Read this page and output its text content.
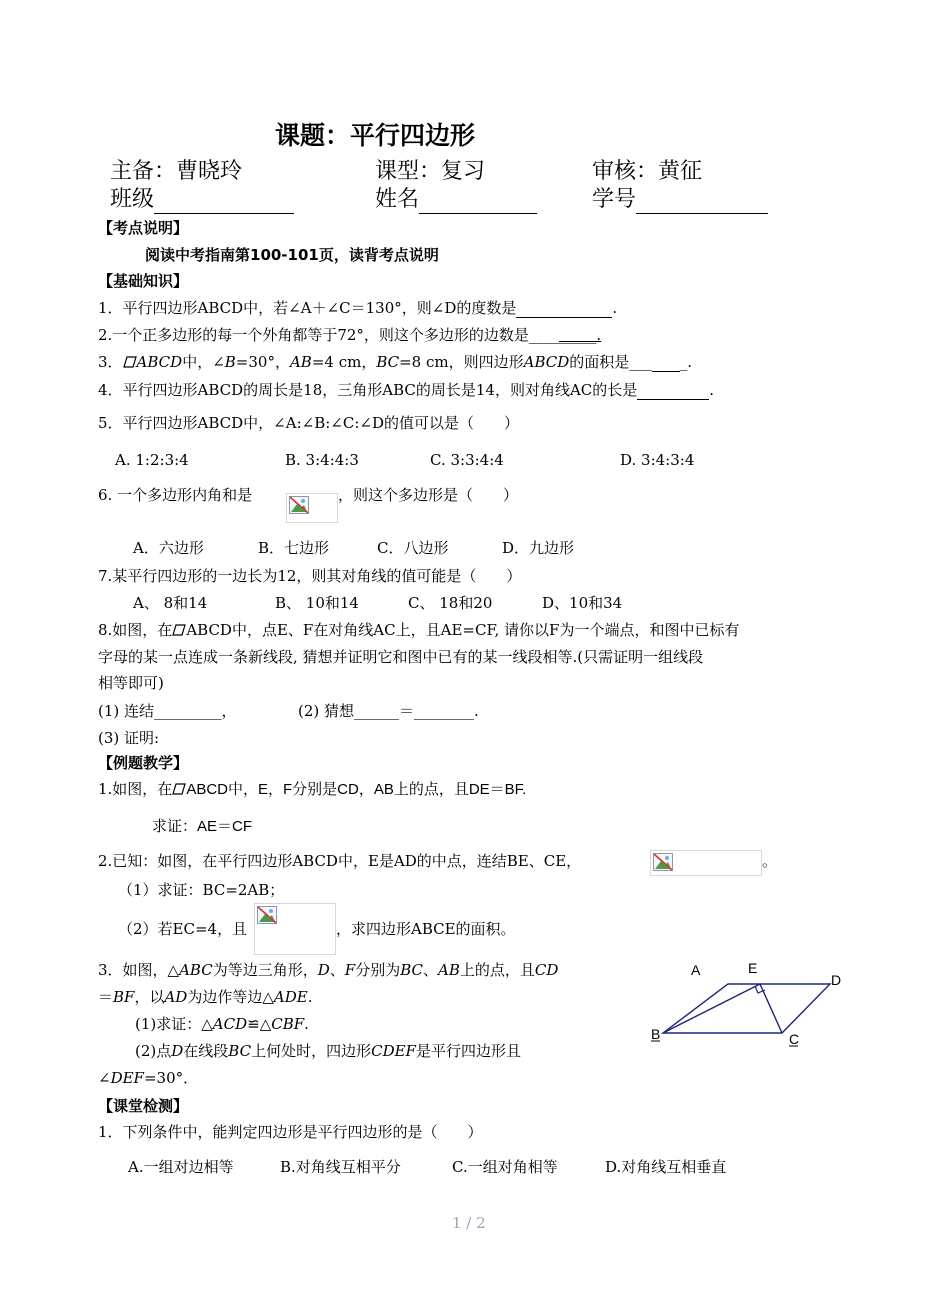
课题：平行四边形
主备：曹晓玲	课型：复习	审核：黄征
班级	姓名	学号
【考点说明】
阅读中考指南第100-101页，读背考点说明
【基础知识】
1．平行四边形ABCD中，若∠A＋∠C＝130°，则∠D的度数是	.
2.一个正多边形的每一个外角都等于72°，则这个多边形的边数是_________.
3． ABCD中，∠B=30°，AB=4 cm，BC=8 cm，则四边形ABCD的面积是___ _.
4．平行四边形ABCD的周长是18，三角形ABC的周长是14，则对角线AC的长是	.
5．平行四边形ABCD中，∠A:∠B:∠C:∠D的值可以是（　　）
A. 1:2:3:4	B. 3:4:4:3	C. 3:3:4:4	D. 3:4:3:4
6. 一个多边形内角和是	，则这个多边形是（　　）
A．六边形	B．七边形	C．八边形	D．九边形
7.某平行四边形的一边长为12，则其对角线的值可能是（　　）
A、 8和14	B、 10和14	C、 18和20	D、10和34
8.如图，在 ABCD中，点E、F在对角线AC上，且AE=CF, 请你以F为一个端点，和图中已标有
字母的某一点连成一条新线段, 猜想并证明它和图中已有的某一线段相等.(只需证明一组线段
相等即可)
(1) 连结_________，	(2) 猜想______＝________.
(3) 证明:
【例题教学】
1.如图，在 ABCD中，E，F分别是CD，AB上的点，且DE＝BF.
求证：AE＝CF
2.已知：如图，在平行四边形ABCD中，E是AD的中点，连结BE、CE，	。
（1）求证：BC=2AB；
（2）若EC=4，且	，求四边形ABCE的面积。
3．如图，△ABC为等边三角形，D、F分别为BC、AB上的点，且CD
＝BF，以AD为边作等边△ADE.
(1)求证：△ACD≌△CBF.
(2)点D在线段BC上何处时，四边形CDEF是平行四边形且
∠DEF=30°．
A	E
D
B	C
【课堂检测】
1．下列条件中，能判定四边形是平行四边形的是（　　）
A.一组对边相等	B.对角线互相平分	C.一组对角相等	D.对角线互相垂直
1 / 2
